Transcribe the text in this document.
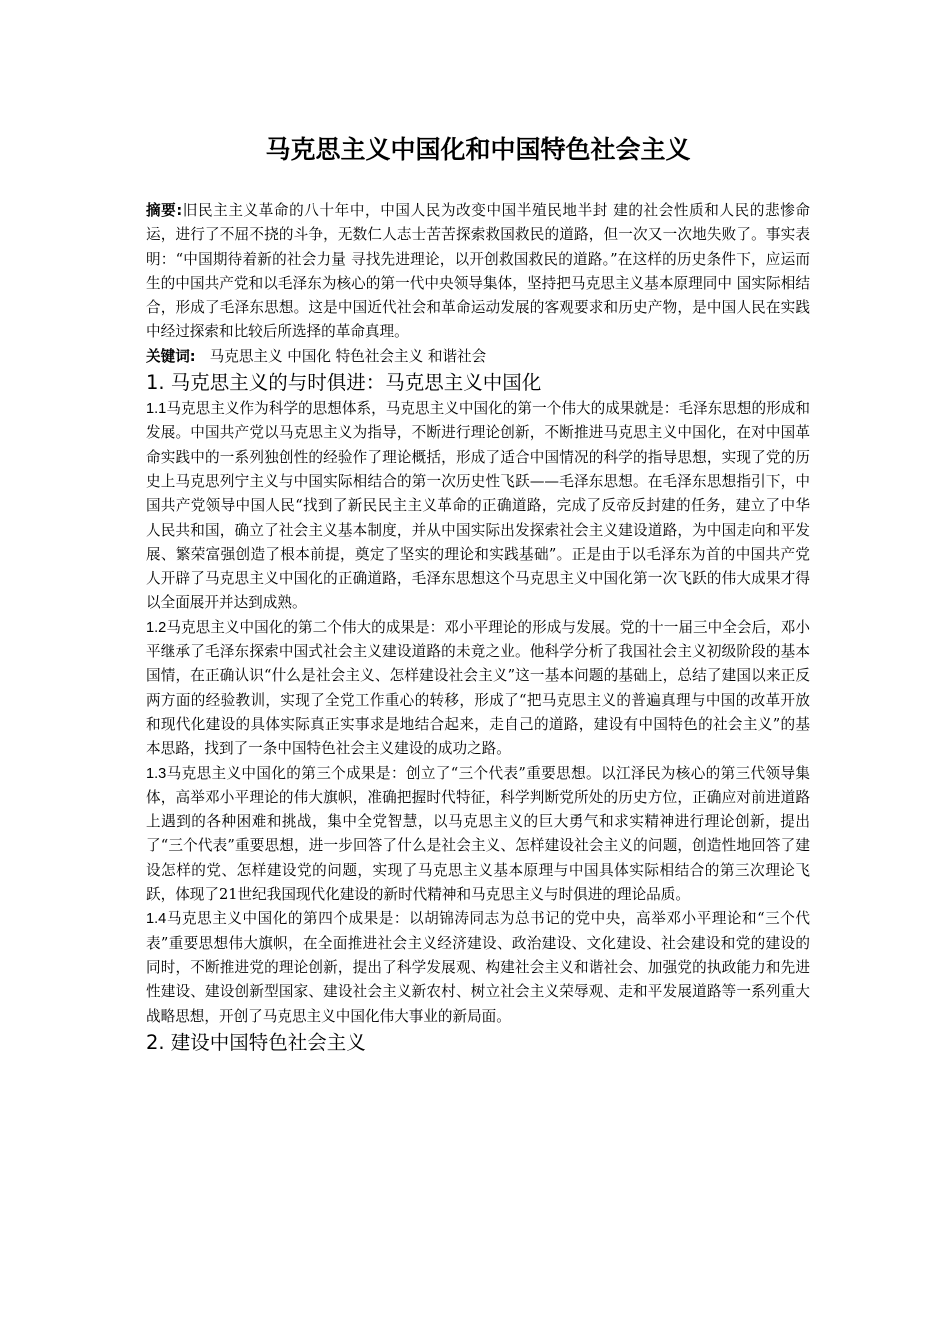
马克思主义中国化和中国特色社会主义

摘要:旧民主主义革命的八十年中，中国人民为改变中国半殖民地半封 建的社会性质和人民的悲惨命运，进行了不屈不挠的斗争，无数仁人志士苦苦探索救国救民的道路，但一次又一次地失败了。事实表明：“中国期待着新的社会力量 寻找先进理论，以开创救国救民的道路。”在这样的历史条件下，应运而生的中国共产党和以毛泽东为核心的第一代中央领导集体，坚持把马克思主义基本原理同中 国实际相结合，形成了毛泽东思想。这是中国近代社会和革命运动发展的客观要求和历史产物，是中国人民在实践中经过探索和比较后所选择的革命真理。

关键词: 马克思主义 中国化 特色社会主义 和谐社会

1. 马克思主义的与时俱进：马克思主义中国化

1.1马克思主义作为科学的思想体系，马克思主义中国化的第一个伟大的成果就是：毛泽东思想的形成和发展。中国共产党以马克思主义为指导，不断进行理论创新，不断推进马克思主义中国化，在对中国革命实践中的一系列独创性的经验作了理论概括，形成了适合中国情况的科学的指导思想，实现了党的历史上马克思列宁主义与中国实际相结合的第一次历史性飞跃——毛泽东思想。在毛泽东思想指引下，中国共产党领导中国人民“找到了新民民主主义革命的正确道路，完成了反帝反封建的任务，建立了中华人民共和国，确立了社会主义基本制度，并从中国实际出发探索社会主义建设道路，为中国走向和平发展、繁荣富强创造了根本前提，奠定了坚实的理论和实践基础”。正是由于以毛泽东为首的中国共产党人开辟了马克思主义中国化的正确道路，毛泽东思想这个马克思主义中国化第一次飞跃的伟大成果才得以全面展开并达到成熟。

1.2马克思主义中国化的第二个伟大的成果是：邓小平理论的形成与发展。党的十一届三中全会后，邓小平继承了毛泽东探索中国式社会主义建设道路的未竟之业。他科学分析了我国社会主义初级阶段的基本国情，在正确认识“什么是社会主义、怎样建设社会主义”这一基本问题的基础上，总结了建国以来正反两方面的经验教训，实现了全党工作重心的转移，形成了“把马克思主义的普遍真理与中国的改革开放和现代化建设的具体实际真正实事求是地结合起来，走自己的道路，建设有中国特色的社会主义”的基本思路，找到了一条中国特色社会主义建设的成功之路。

1.3马克思主义中国化的第三个成果是：创立了“三个代表”重要思想。以江泽民为核心的第三代领导集体，高举邓小平理论的伟大旗帜，准确把握时代特征，科学判断党所处的历史方位，正确应对前进道路上遇到的各种困难和挑战，集中全党智慧，以马克思主义的巨大勇气和求实精神进行理论创新，提出了“三个代表”重要思想，进一步回答了什么是社会主义、怎样建设社会主义的问题，创造性地回答了建设怎样的党、怎样建设党的问题，实现了马克思主义基本原理与中国具体实际相结合的第三次理论飞跃，体现了21世纪我国现代化建设的新时代精神和马克思主义与时俱进的理论品质。

1.4马克思主义中国化的第四个成果是：以胡锦涛同志为总书记的党中央，高举邓小平理论和“三个代表”重要思想伟大旗帜，在全面推进社会主义经济建设、政治建设、文化建设、社会建设和党的建设的同时，不断推进党的理论创新，提出了科学发展观、构建社会主义和谐社会、加强党的执政能力和先进性建设、建设创新型国家、建设社会主义新农村、树立社会主义荣辱观、走和平发展道路等一系列重大战略思想，开创了马克思主义中国化伟大事业的新局面。

2. 建设中国特色社会主义
